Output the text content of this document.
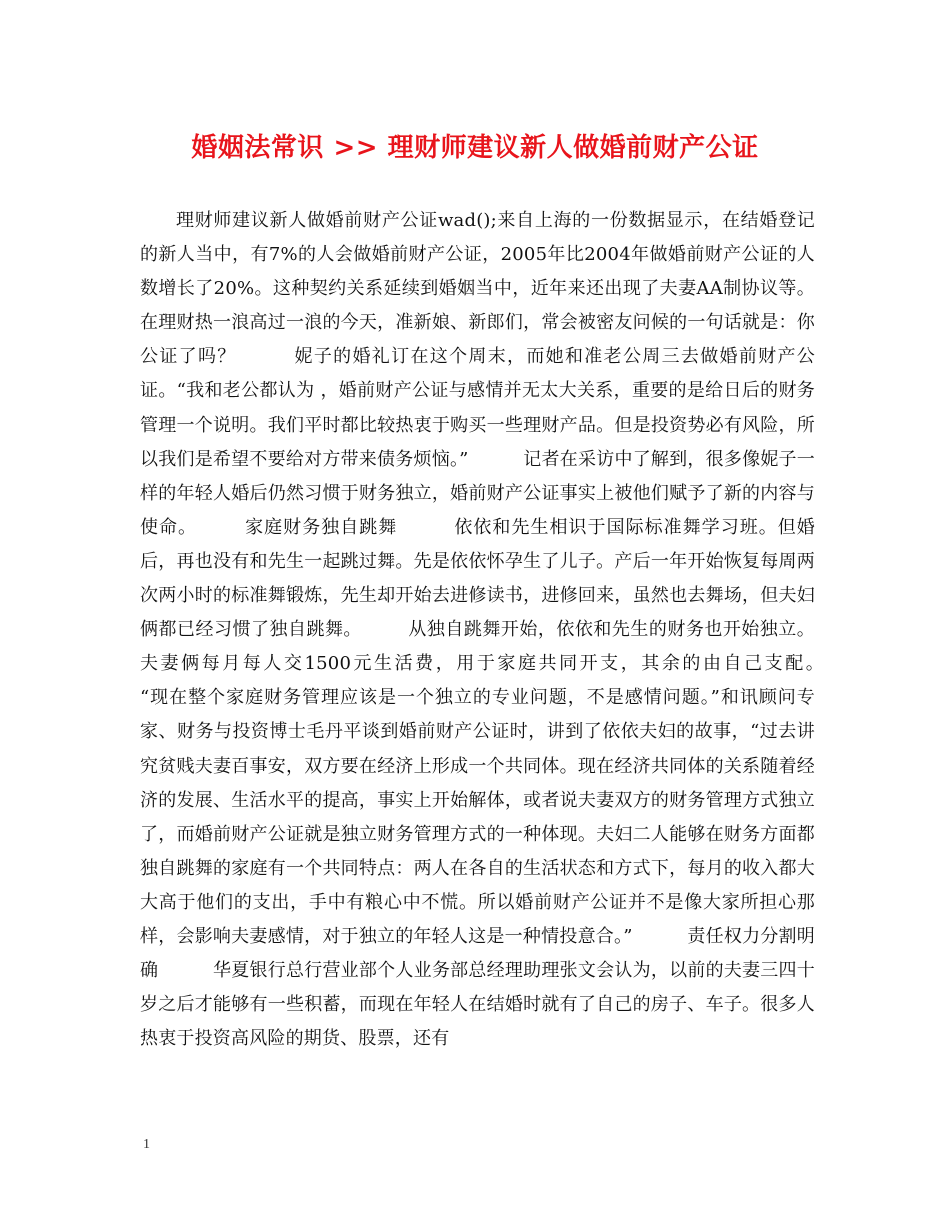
婚姻法常识 >> 理财师建议新人做婚前财产公证
理财师建议新人做婚前财产公证wad();来自上海的一份数据显示，在结婚登记的新人当中，有7%的人会做婚前财产公证，2005年比2004年做婚前财产公证的人数增长了20%。这种契约关系延续到婚姻当中，近年来还出现了夫妻AA制协议等。在理财热一浪高过一浪的今天，准新娘、新郎们，常会被密友问候的一句话就是：你公证了吗？　　　妮子的婚礼订在这个周末，而她和准老公周三去做婚前财产公证。“我和老公都认为 ，婚前财产公证与感情并无太大关系，重要的是给日后的财务管理一个说明。我们平时都比较热衷于购买一些理财产品。但是投资势必有风险，所以我们是希望不要给对方带来债务烦恼。”　　　记者在采访中了解到，很多像妮子一样的年轻人婚后仍然习惯于财务独立，婚前财产公证事实上被他们赋予了新的内容与使命。　　　家庭财务独自跳舞　　　依依和先生相识于国际标准舞学习班。但婚后，再也没有和先生一起跳过舞。先是依依怀孕生了儿子。产后一年开始恢复每周两次两小时的标准舞锻炼，先生却开始去进修读书，进修回来，虽然也去舞场，但夫妇俩都已经习惯了独自跳舞。　　　从独自跳舞开始，依依和先生的财务也开始独立。夫妻俩每月每人交1500元生活费，用于家庭共同开支，其余的由自己支配。　　　“现在整个家庭财务管理应该是一个独立的专业问题，不是感情问题。”和讯顾问专家、财务与投资博士毛丹平谈到婚前财产公证时，讲到了依依夫妇的故事，“过去讲究贫贱夫妻百事安，双方要在经济上形成一个共同体。现在经济共同体的关系随着经济的发展、生活水平的提高，事实上开始解体，或者说夫妻双方的财务管理方式独立了，而婚前财产公证就是独立财务管理方式的一种体现。夫妇二人能够在财务方面都独自跳舞的家庭有一个共同特点：两人在各自的生活状态和方式下，每月的收入都大大高于他们的支出，手中有粮心中不慌。所以婚前财产公证并不是像大家所担心那样，会影响夫妻感情，对于独立的年轻人这是一种情投意合。”　　　责任权力分割明确　　　华夏银行总行营业部个人业务部总经理助理张文会认为，以前的夫妻三四十岁之后才能够有一些积蓄，而现在年轻人在结婚时就有了自己的房子、车子。很多人热衷于投资高风险的期货、股票，还有
1
